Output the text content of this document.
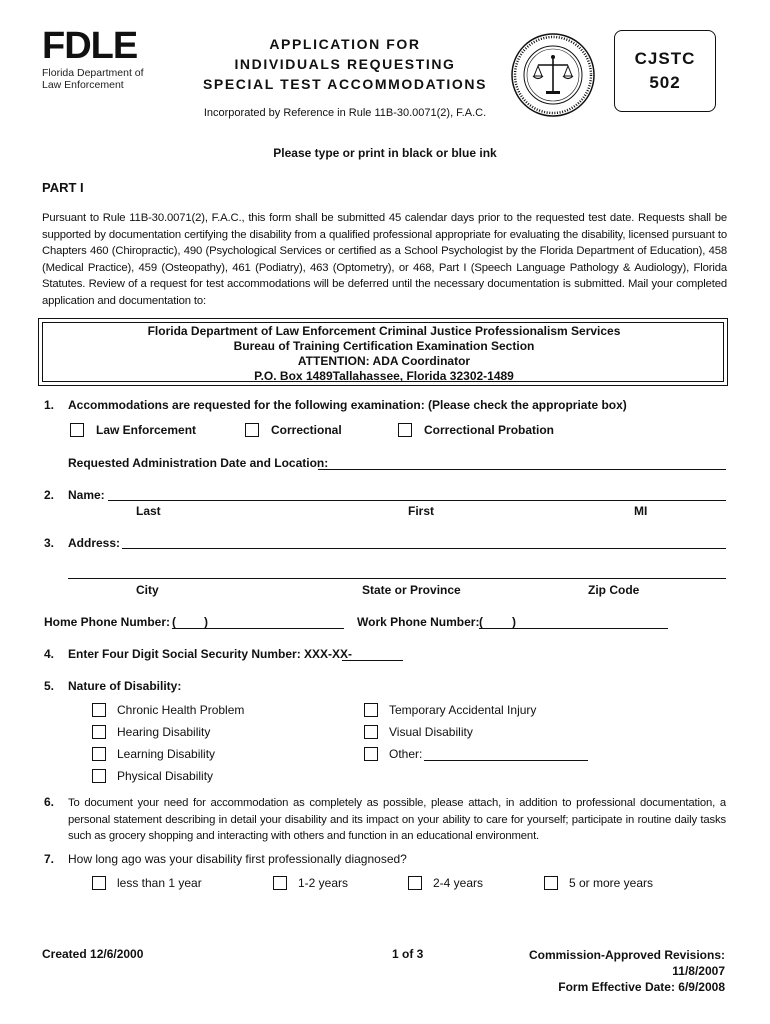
FDLE
Florida Department of
Law Enforcement
APPLICATION FOR
INDIVIDUALS REQUESTING
SPECIAL TEST ACCOMMODATIONS
Incorporated by Reference in Rule 11B-30.0071(2), F.A.C.
CJSTC
502
Please type or print in black or blue ink
PART I
Pursuant to Rule 11B-30.0071(2), F.A.C., this form shall be submitted 45 calendar days prior to the requested test date. Requests shall be supported by documentation certifying the disability from a qualified professional appropriate for evaluating the disability, licensed pursuant to Chapters 460 (Chiropractic), 490 (Psychological Services or certified as a School Psychologist by the Florida Department of Education), 458 (Medical Practice), 459 (Osteopathy), 461 (Podiatry), 463 (Optometry), or 468, Part I (Speech Language Pathology & Audiology), Florida Statutes. Review of a request for test accommodations will be deferred until the necessary documentation is submitted. Mail your completed application and documentation to:
Florida Department of Law Enforcement Criminal Justice Professionalism Services
Bureau of Training Certification Examination Section
ATTENTION: ADA Coordinator
P.O. Box 1489Tallahassee, Florida 32302-1489
1. Accommodations are requested for the following examination: (Please check the appropriate box)
Law Enforcement	Correctional	Correctional Probation
Requested Administration Date and Location:
2. Name:
Last	First	MI
3. Address:
City	State or Province	Zip Code
Home Phone Number: ( )	Work Phone Number: ( )
4. Enter Four Digit Social Security Number: XXX-XX-
5. Nature of Disability:
Chronic Health Problem
Hearing Disability
Learning Disability
Physical Disability
Temporary Accidental Injury
Visual Disability
Other:
6. To document your need for accommodation as completely as possible, please attach, in addition to professional documentation, a personal statement describing in detail your disability and its impact on your ability to care for yourself; participate in routine daily tasks such as grocery shopping and interacting with others and function in an educational environment.
7. How long ago was your disability first professionally diagnosed?
less than 1 year	1-2 years	2-4 years	5 or more years
Created 12/6/2000	1 of 3	Commission-Approved Revisions: 11/8/2007
Form Effective Date: 6/9/2008
